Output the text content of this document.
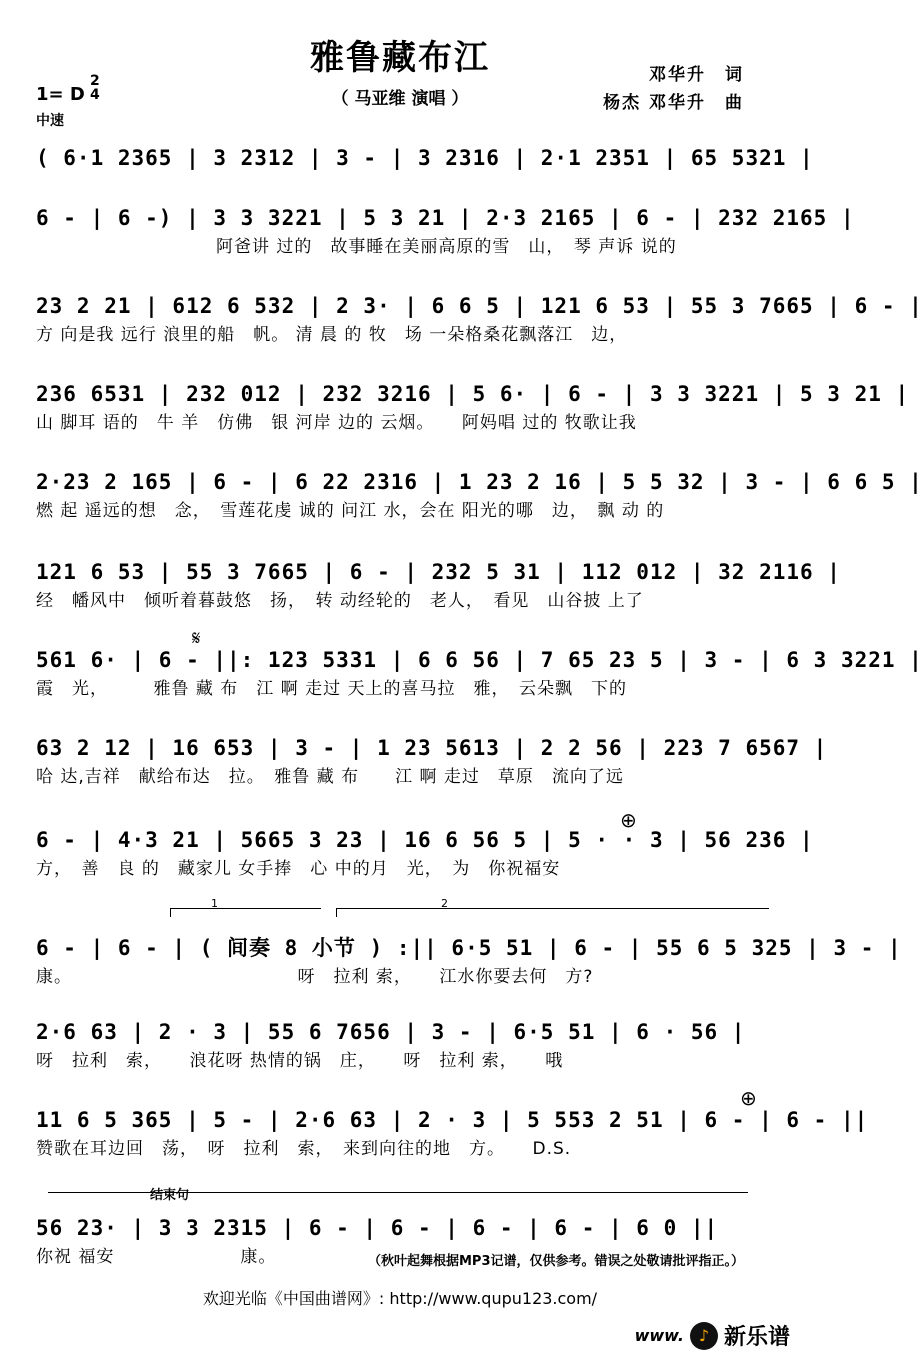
雅鲁藏布江
（ 马亚维 演唱 ）
邓华升　词
杨杰 邓华升　曲
1= D
2
4
中速
( 6·1 2365 | 3 2312 | 3 - | 3 2316 | 2·1 2351 | 65 5321 |
6 - | 6 -) | 3 3 3221 | 5 3 21 | 2·3 2165 | 6 - | 232 2165 |
　　　　　　　　　　阿爸讲 过的　故事睡在美丽高原的雪　山，　琴 声诉 说的
23 2 21 | 612 6 532 | 2 3· | 6 6 5 | 121 6 53 | 55 3 7665 | 6 - |
方 向是我 远行 浪里的船　帆。 清 晨 的 牧　场 一朵格桑花飘落江　边，
236 6531 | 232 012 | 232 3216 | 5 6· | 6 - | 3 3 3221 | 5 3 21 |
山 脚耳 语的　牛 羊　仿佛　银 河岸 边的 云烟。　　阿妈唱 过的 牧歌让我
2·23 2 165 | 6 - | 6 22 2316 | 1 23 2 16 | 5 5 32 | 3 - | 6 6 5 |
燃 起 遥远的想　念，　雪莲花虔 诚的 问江 水，会在 阳光的哪　边，　飘 动 的
121 6 53 | 55 3 7665 | 6 - | 232 5 31 | 112 012 | 32 2116 |
经　幡风中　倾听着暮鼓悠　扬，　转 动经轮的　老人，　看见　山谷披 上了
𝄋
561 6· | 6 - ||: 123 5331 | 6 6 56 | 7 65 23 5 | 3 - | 6 3 3221 |
霞　光，　　　雅鲁 藏 布　江 啊 走过 天上的喜马拉　雅，　云朵飘　下的
63 2 12 | 16 653 | 3 - | 1 23 5613 | 2 2 56 | 223 7 6567 |
哈 达,吉祥　献给布达　拉。　雅鲁 藏 布　　江 啊 走过　草原　流向了远
⊕
6 - | 4·3 21 | 5665 3 23 | 16 6 56 5 | 5 · · 3 | 56 236 |
方，　善　良 的　藏家儿 女手捧　心 中的月　光，　为　你祝福安
1	2
6 - | 6 - | ( 间奏 8 小节 ) :|| 6·5 51 | 6 - | 55 6 5 325 | 3 - |
康。　　　　　　　　　　　　　呀　拉利 索，　　江水你要去何　方?
2·6 63 | 2 · 3 | 55 6 7656 | 3 - | 6·5 51 | 6 · 56 |
呀　拉利　索，　　浪花呀 热情的锅　庄，　　呀　拉利 索，　　哦
⊕
11 6 5 365 | 5 - | 2·6 63 | 2 · 3 | 5 553 2 51 | 6 - | 6 - ||
赞歌在耳边回　荡，　呀　拉利　索，　来到向往的地　方。　　D.S.
结束句
56 23· | 3 3 2315 | 6 - | 6 - | 6 - | 6 - | 6 0 ||
你祝 福安　　　　　　　康。	（秋叶起舞根据MP3记谱，仅供参考。错误之处敬请批评指正。）
欢迎光临《中国曲谱网》: http://www.qupu123.com/
www. ♪ 新乐谱
